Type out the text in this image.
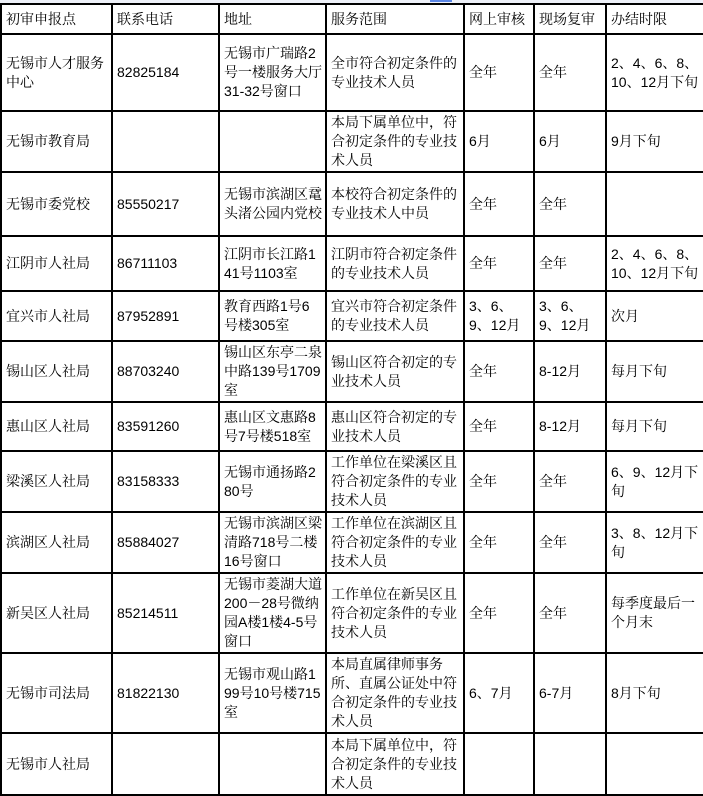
初审申报点	联系电话	地址	服务范围	网上审核	现场复审	办结时限
无锡市人才服务中心	82825184	无锡市广瑞路2号一楼服务大厅31-32号窗口	全市符合初定条件的专业技术人员	全年	全年	2、4、6、8、10、12月下旬
无锡市教育局			本局下属单位中，符合初定条件的专业技术人员	6月	6月	9月下旬
无锡市委党校	85550217	无锡市滨湖区鼋头渚公园内党校	本校符合初定条件的专业技术人中员	全年	全年	
江阴市人社局	86711103	江阴市长江路141号1103室	江阴市符合初定条件的专业技术人员	全年	全年	2、4、6、8、10、12月下旬
宜兴市人社局	87952891	教育西路1号6号楼305室	宜兴市符合初定条件的专业技术人员	3、6、9、12月	3、6、9、12月	次月
锡山区人社局	88703240	锡山区东亭二泉中路139号1709室	锡山区符合初定的专业技术人员	全年	8-12月	每月下旬
惠山区人社局	83591260	惠山区文惠路8号7号楼518室	惠山区符合初定的专业技术人员	全年	8-12月	每月下旬
梁溪区人社局	83158333	无锡市通扬路280号	工作单位在梁溪区且符合初定条件的专业技术人员	全年	全年	6、9、12月下旬
滨湖区人社局	85884027	无锡市滨湖区梁清路718号二楼16号窗口	工作单位在滨湖区且符合初定条件的专业技术人员	全年	全年	3、8、12月下旬
新吴区人社局	85214511	无锡市菱湖大道200－28号微纳园A楼1楼4-5号窗口	工作单位在新吴区且符合初定条件的专业技术人员	全年	全年	每季度最后一个月末
无锡市司法局	81822130	无锡市观山路199号10号楼715室	本局直属律师事务所、直属公证处中符合初定条件的专业技术人员	6、7月	6-7月	8月下旬
无锡市人社局			本局下属单位中，符合初定条件的专业技术人员			
